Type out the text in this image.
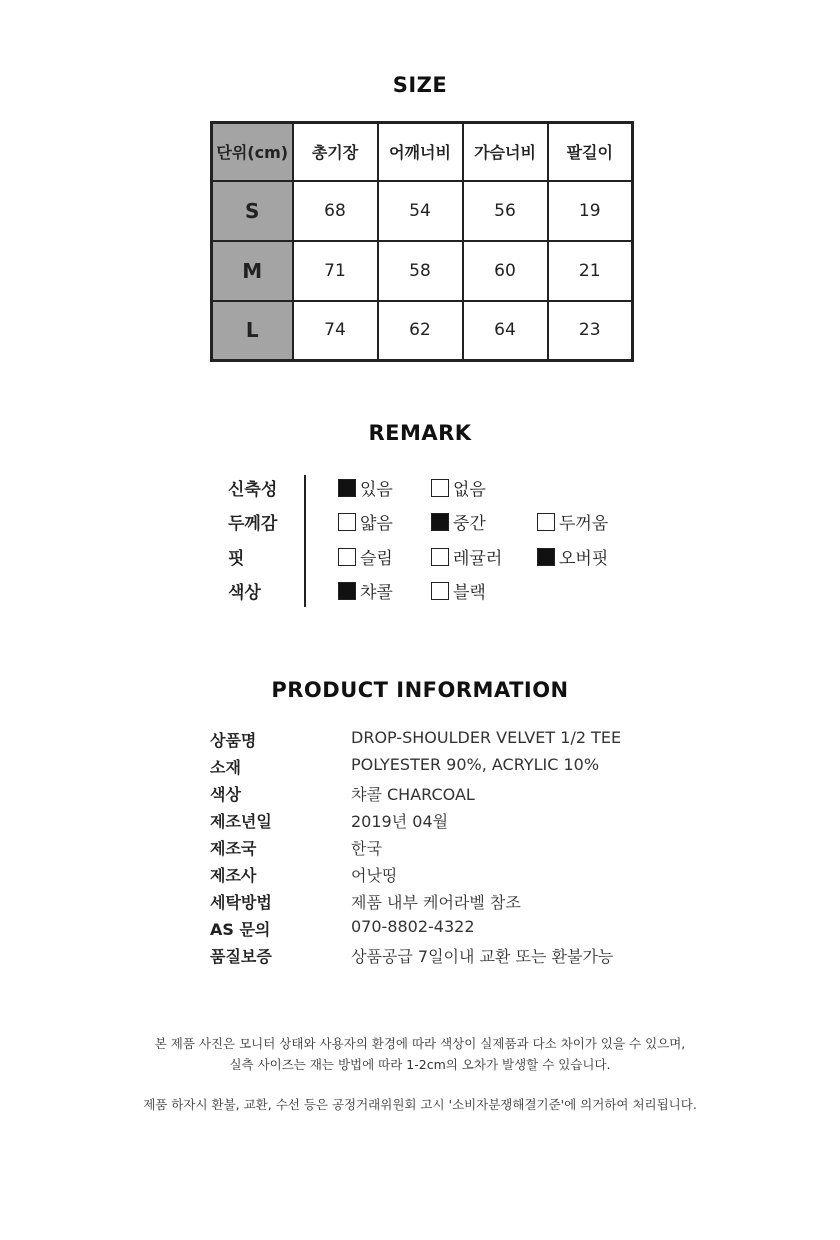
SIZE
단위(cm)	총기장	어깨너비	가슴너비	팔길이
S	68	54	56	19
M	71	58	60	21
L	74	62	64	23
REMARK
신축성	있음	없음
두께감	얇음	중간	두꺼움
핏	슬림	레귤러	오버핏
색상	챠콜	블랙
PRODUCT INFORMATION
상품명	DROP-SHOULDER VELVET 1/2 TEE
소재	POLYESTER 90%, ACRYLIC 10%
색상	챠콜 CHARCOAL
제조년일	2019년 04월
제조국	한국
제조사	어낫띵
세탁방법	제품 내부 케어라벨 참조
AS 문의	070-8802-4322
품질보증	상품공급 7일이내 교환 또는 환불가능
본 제품 사진은 모니터 상태와 사용자의 환경에 따라 색상이 실제품과 다소 차이가 있을 수 있으며,
실측 사이즈는 재는 방법에 따라 1-2cm의 오차가 발생할 수 있습니다.
제품 하자시 환불, 교환, 수선 등은 공정거래위원회 고시 '소비자분쟁해결기준'에 의거하여 처리됩니다.
